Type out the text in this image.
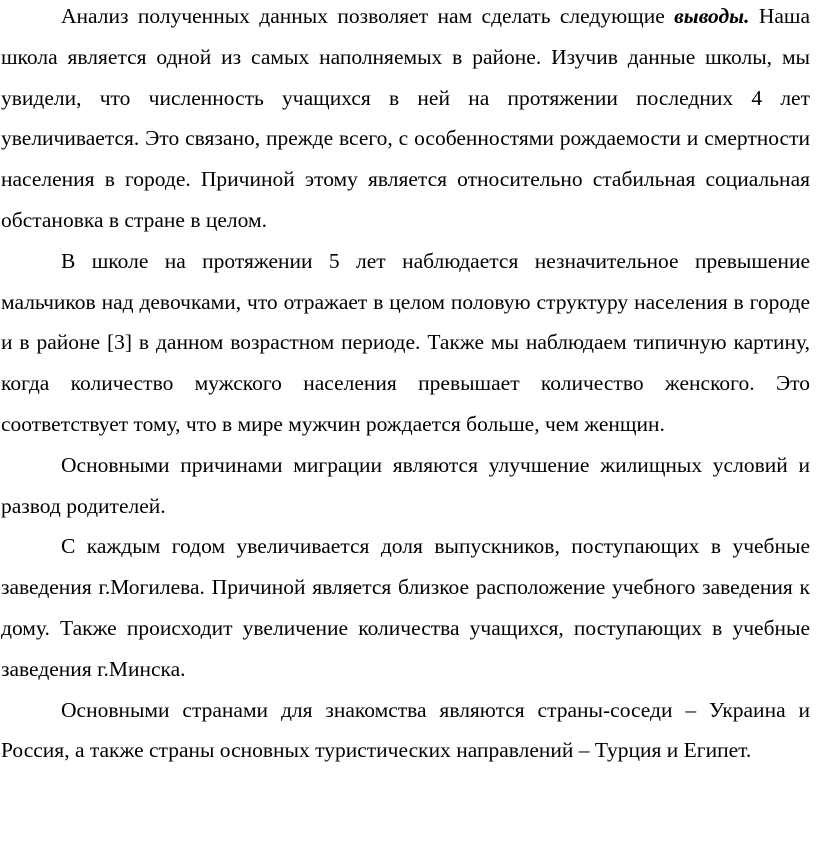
Анализ полученных данных позволяет нам сделать следующие выводы. Наша школа является одной из самых наполняемых в районе. Изучив данные школы, мы увидели, что численность учащихся в ней на протяжении последних 4 лет увеличивается. Это связано, прежде всего, с особенностями рождаемости и смертности населения в городе. Причиной этому является относительно стабильная социальная обстановка в стране в целом.

В школе на протяжении 5 лет наблюдается незначительное превышение мальчиков над девочками, что отражает в целом половую структуру населения в городе и в районе [3] в данном возрастном периоде. Также мы наблюдаем типичную картину, когда количество мужского населения превышает количество женского. Это соответствует тому, что в мире мужчин рождается больше, чем женщин.

Основными причинами миграции являются улучшение жилищных условий и развод родителей.

С каждым годом увеличивается доля выпускников, поступающих в учебные заведения г.Могилева. Причиной является близкое расположение учебного заведения к дому. Также происходит увеличение количества учащихся, поступающих в учебные заведения г.Минска.

Основными странами для знакомства являются страны-соседи – Украина и Россия, а также страны основных туристических направлений – Турция и Египет.
